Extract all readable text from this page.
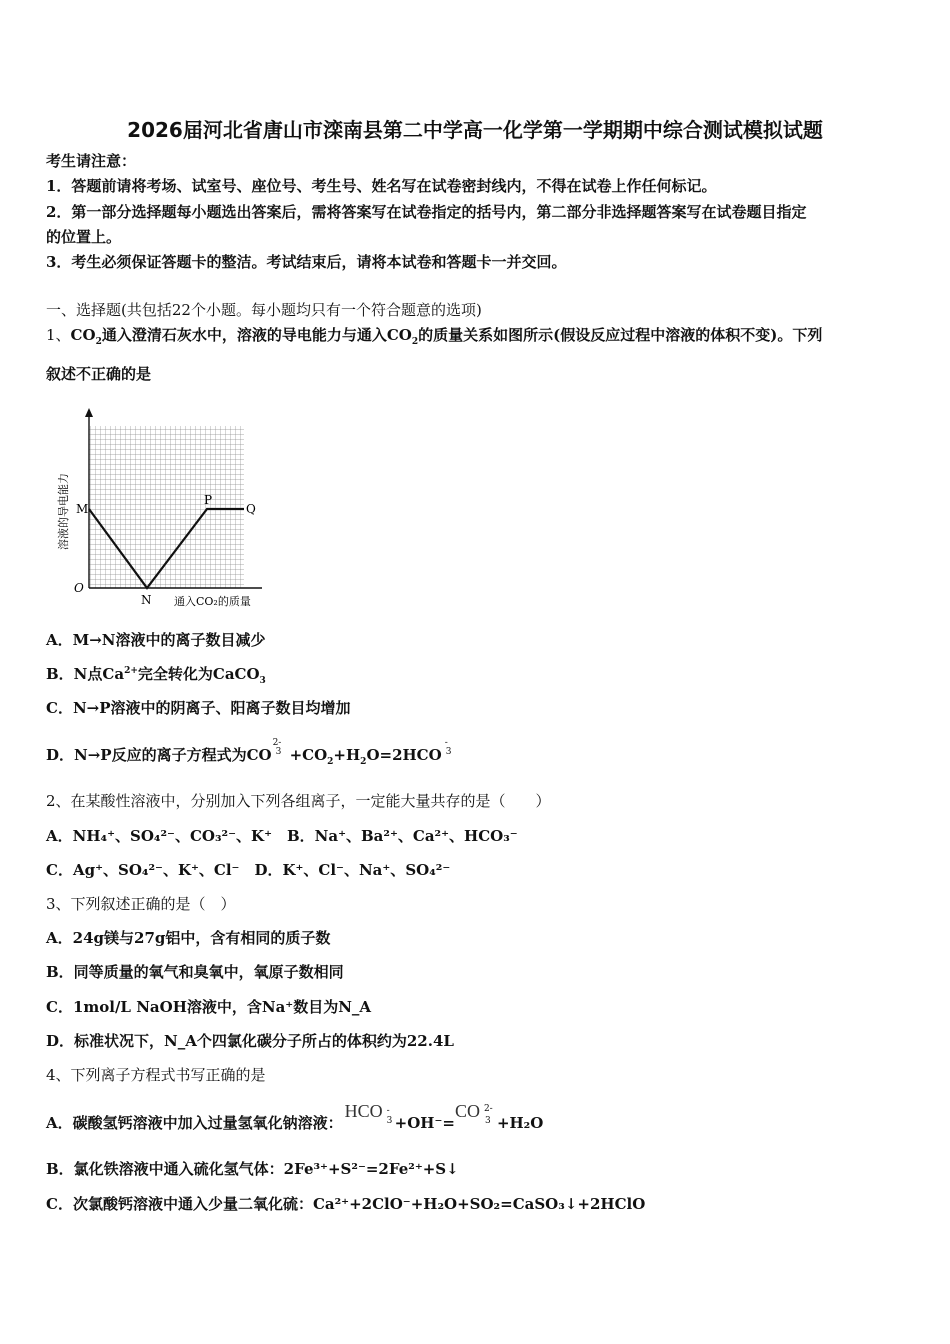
2026届河北省唐山市滦南县第二中学高一化学第一学期期中综合测试模拟试题
考生请注意：
1．答题前请将考场、试室号、座位号、考生号、姓名写在试卷密封线内，不得在试卷上作任何标记。
2．第一部分选择题每小题选出答案后，需将答案写在试卷指定的括号内，第二部分非选择题答案写在试卷题目指定
的位置上。
3．考生必须保证答题卡的整洁。考试结束后，请将本试卷和答题卡一并交回。
一、选择题(共包括22个小题。每小题均只有一个符合题意的选项)
1、$CO_2$通入澄清石灰水中，溶液的导电能力与通入$CO_2$的质量关系如图所示(假设反应过程中溶液的体积不变)。下列
叙述不正确的是
溶液的导电能力 M
O
N
P
Q
通入CO₂的质量
A．M→N溶液中的离子数目减少
B．N点$Ca^{2+}$完全转化为CaCO$_3$
C．N→P溶液中的阴离子、阳离子数目均增加
D．N→P反应的离子方程式为CO
2-
$3 +CO_2+H_2O=2HCO$
-
3
2、在某酸性溶液中，分别加入下列各组离子，一定能大量共存的是（　　）
A．NH₄⁺、SO₄²⁻、CO₃²⁻、K⁺　B．Na⁺、Ba²⁺、Ca²⁺、HCO₃⁻
C．Ag⁺、SO₄²⁻、K⁺、Cl⁻　D．K⁺、Cl⁻、Na⁺、SO₄²⁻
3、下列叙述正确的是（　）
A．24g镁与27g铝中，含有相同的质子数
B．同等质量的氧气和臭氧中，氧原子数相同
C．1mol/L NaOH溶液中，含Na⁺数目为N_A
D．标准状况下，N_A个四氯化碳分子所占的体积约为22.4L
4、下列离子方程式书写正确的是
A．碳酸氢钙溶液中加入过量氢氧化钠溶液：
HCO -
3 +OH⁻=
CO 2-
3 +H₂O
B．氯化铁溶液中通入硫化氢气体：2Fe³⁺+S²⁻=2Fe²⁺+S↓
C．次氯酸钙溶液中通入少量二氧化硫：Ca²⁺+2ClO⁻+H₂O+SO₂=CaSO₃↓+2HClO
